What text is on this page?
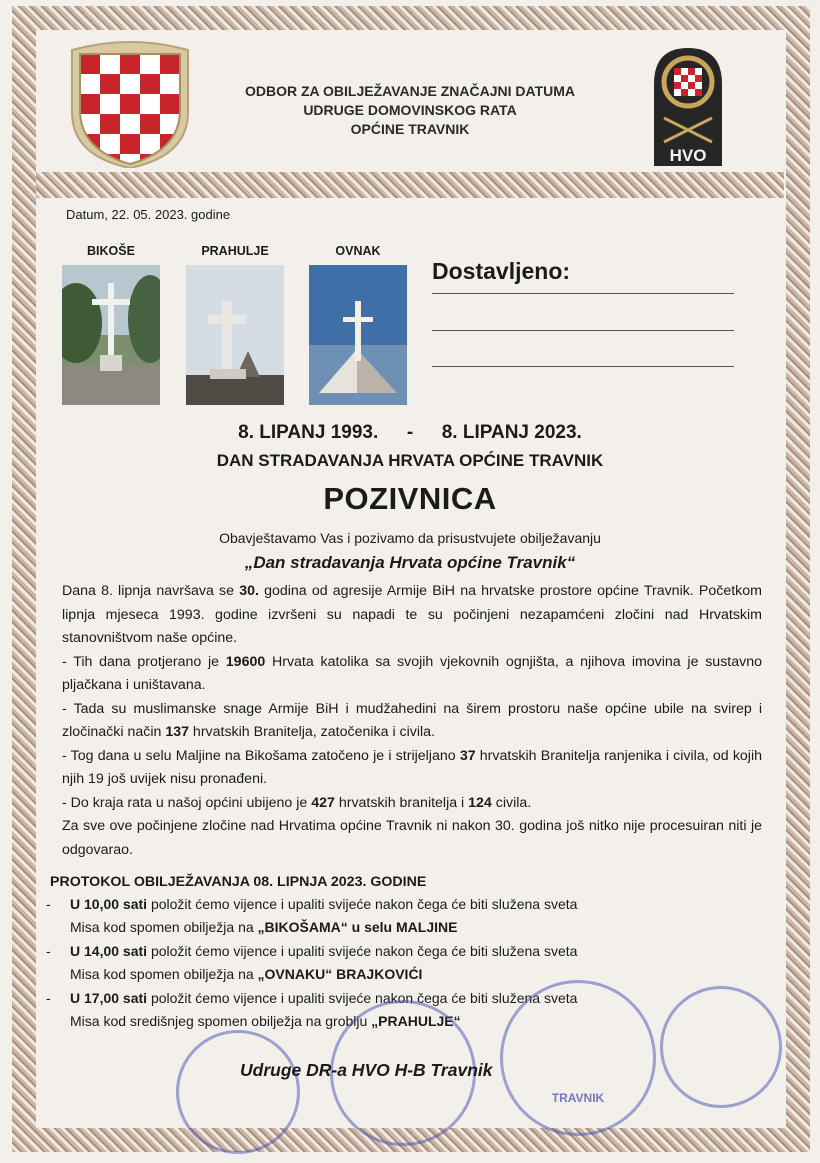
HVO
ODBOR ZA OBILJEŽAVANJE ZNAČAJNI DATUMA
UDRUGE DOMOVINSKOG RATA
OPĆINE TRAVNIK
Datum, 22. 05. 2023. godine
BIKOŠE	PRAHULJE	OVNAK
Dostavljeno:
8. LIPANJ 1993. - 8. LIPANJ 2023.
DAN STRADAVANJA HRVATA OPĆINE TRAVNIK
POZIVNICA
Obavještavamo Vas i pozivamo da prisustvujete obilježavanju
„Dan stradavanja Hrvata općine Travnik“

Dana 8. lipnja navršava se 30. godina od agresije Armije BiH na hrvatske prostore općine Travnik. Početkom lipnja mjeseca 1993. godine izvršeni su napadi te su počinjeni nezapamćeni zločini nad Hrvatskim stanovništvom naše općine.

- Tih dana protjerano je 19600 Hrvata katolika sa svojih vjekovnih ognjišta, a njihova imovina je sustavno pljačkana i uništavana.

- Tada su muslimanske snage Armije BiH i mudžahedini na širem prostoru naše općine ubile na svirep i zločinački način 137 hrvatskih Branitelja, zatočenika i civila.

- Tog dana u selu Maljine na Bikošama zatočeno je i strijeljano 37 hrvatskih Branitelja ranjenika i civila, od kojih njih 19 još uvijek nisu pronađeni.

- Do kraja rata u našoj općini ubijeno je 427 hrvatskih branitelja i 124 civila.

Za sve ove počinjene zločine nad Hrvatima općine Travnik ni nakon 30. godina još nitko nije procesuiran niti je odgovarao.

PROTOKOL OBILJEŽAVANJA 08. LIPNJA 2023. GODINE
-	U 10,00 sati položit ćemo vijence i upaliti svijeće nakon čega će biti služena sveta
Misa kod spomen obilježja na „BIKOŠAMA“ u selu MALJINE
-	U 14,00 sati položit ćemo vijence i upaliti svijeće nakon čega će biti služena sveta
Misa kod spomen obilježja na „OVNAKU“ BRAJKOVIĆI
-	U 17,00 sati položit ćemo vijence i upaliti svijeće nakon čega će biti služena sveta
Misa kod središnjeg spomen obilježja na groblju „PRAHULJE“
TRAVNIK
Udruge DR-a HVO H-B Travnik
